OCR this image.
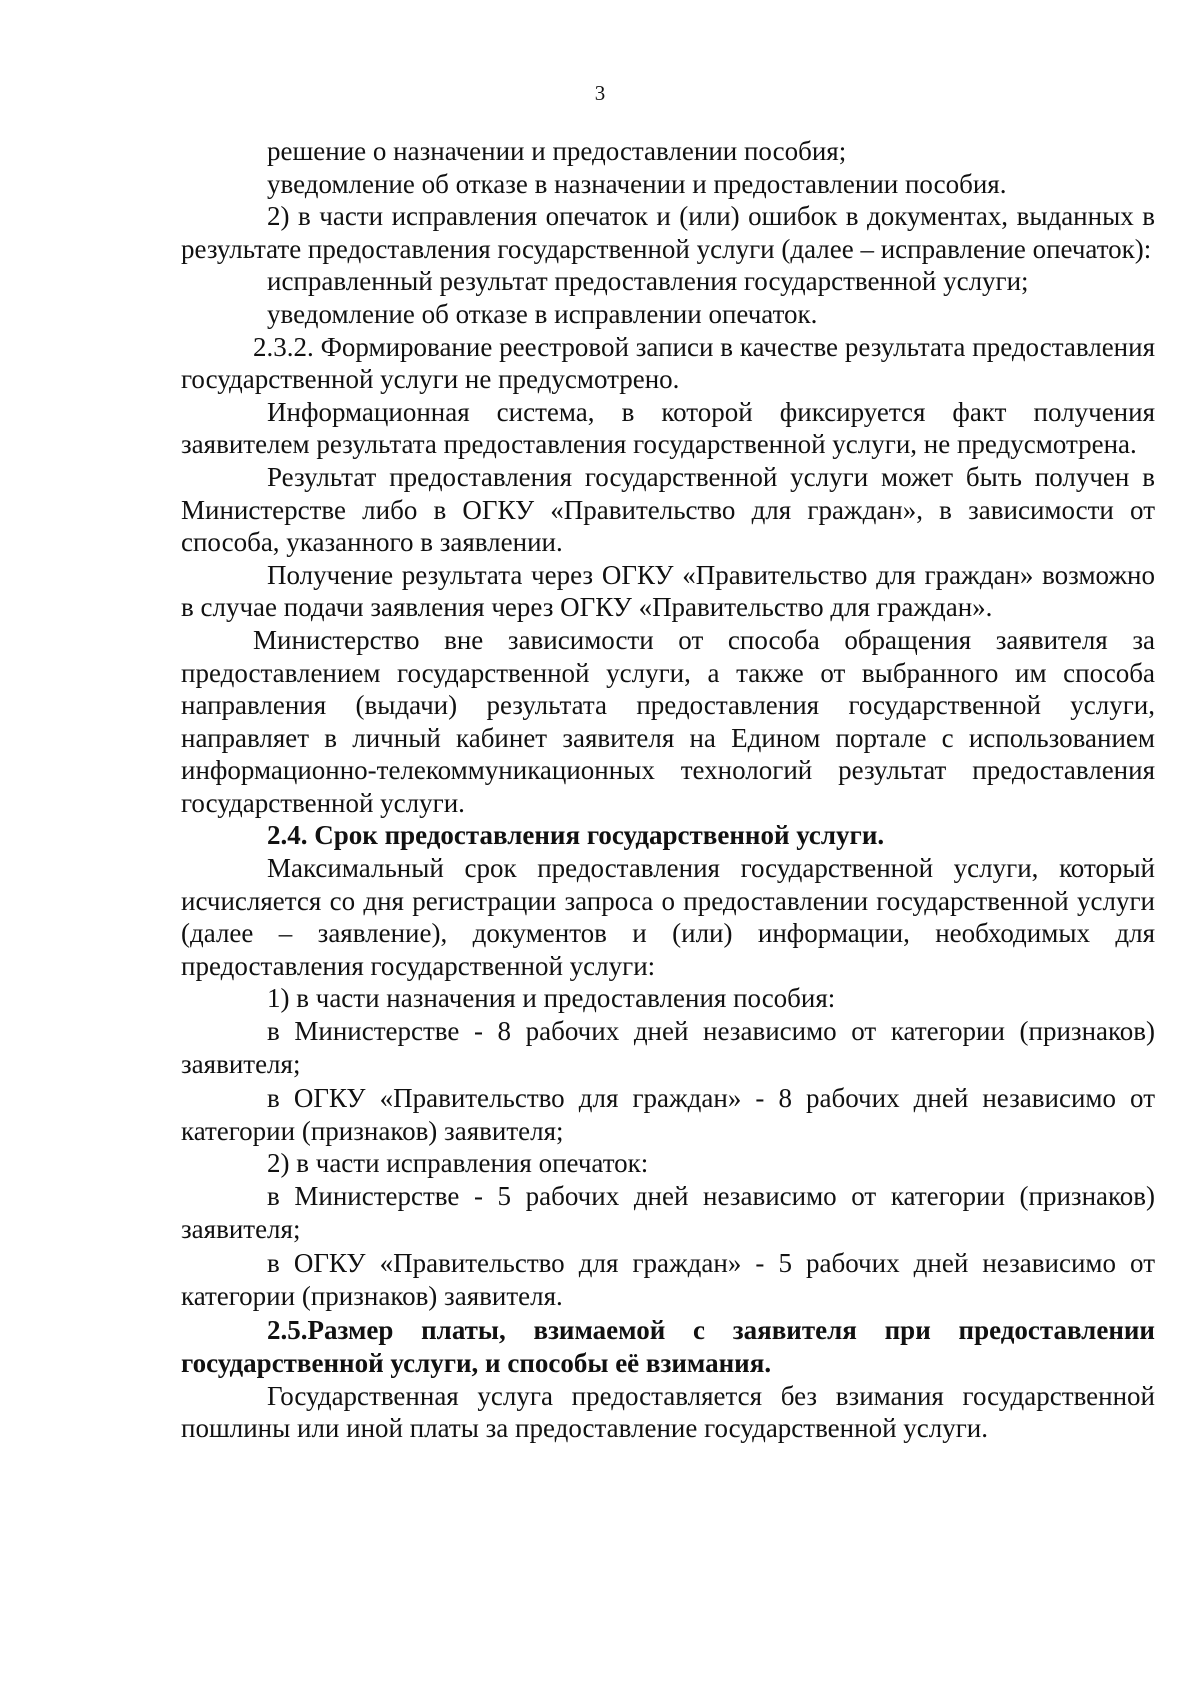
3

решение о назначении и предоставлении пособия;

уведомление об отказе в назначении и предоставлении пособия.

2) в части исправления опечаток и (или) ошибок в документах, выданных в результате предоставления государственной услуги (далее – исправление опечаток):

исправленный результат предоставления государственной услуги;

уведомление об отказе в исправлении опечаток.

2.3.2. Формирование реестровой записи в качестве результата предоставления государственной услуги не предусмотрено.

Информационная система, в которой фиксируется факт получения заявителем результата предоставления государственной услуги, не предусмотрена.

Результат предоставления государственной услуги может быть получен в Министерстве либо в ОГКУ «Правительство для граждан», в зависимости от способа, указанного в заявлении.

Получение результата через ОГКУ «Правительство для граждан» возможно в случае подачи заявления через ОГКУ «Правительство для граждан».

Министерство вне зависимости от способа обращения заявителя за предоставлением государственной услуги, а также от выбранного им способа направления (выдачи) результата предоставления государственной услуги, направляет в личный кабинет заявителя на Едином портале с использованием информационно-телекоммуникационных технологий результат предоставления государственной услуги.

2.4. Срок предоставления государственной услуги.

Максимальный срок предоставления государственной услуги, который исчисляется со дня регистрации запроса о предоставлении государственной услуги (далее – заявление), документов и (или) информации, необходимых для предоставления государственной услуги:

1) в части назначения и предоставления пособия:

в Министерстве - 8 рабочих дней независимо от категории (признаков) заявителя;

в ОГКУ «Правительство для граждан» - 8 рабочих дней независимо от категории (признаков) заявителя;

2) в части исправления опечаток:

в Министерстве - 5 рабочих дней независимо от категории (признаков) заявителя;

в ОГКУ «Правительство для граждан» - 5 рабочих дней независимо от категории (признаков) заявителя.

2.5.Размер платы, взимаемой с заявителя при предоставлении государственной услуги, и способы её взимания.

Государственная услуга предоставляется без взимания государственной пошлины или иной платы за предоставление государственной услуги.
